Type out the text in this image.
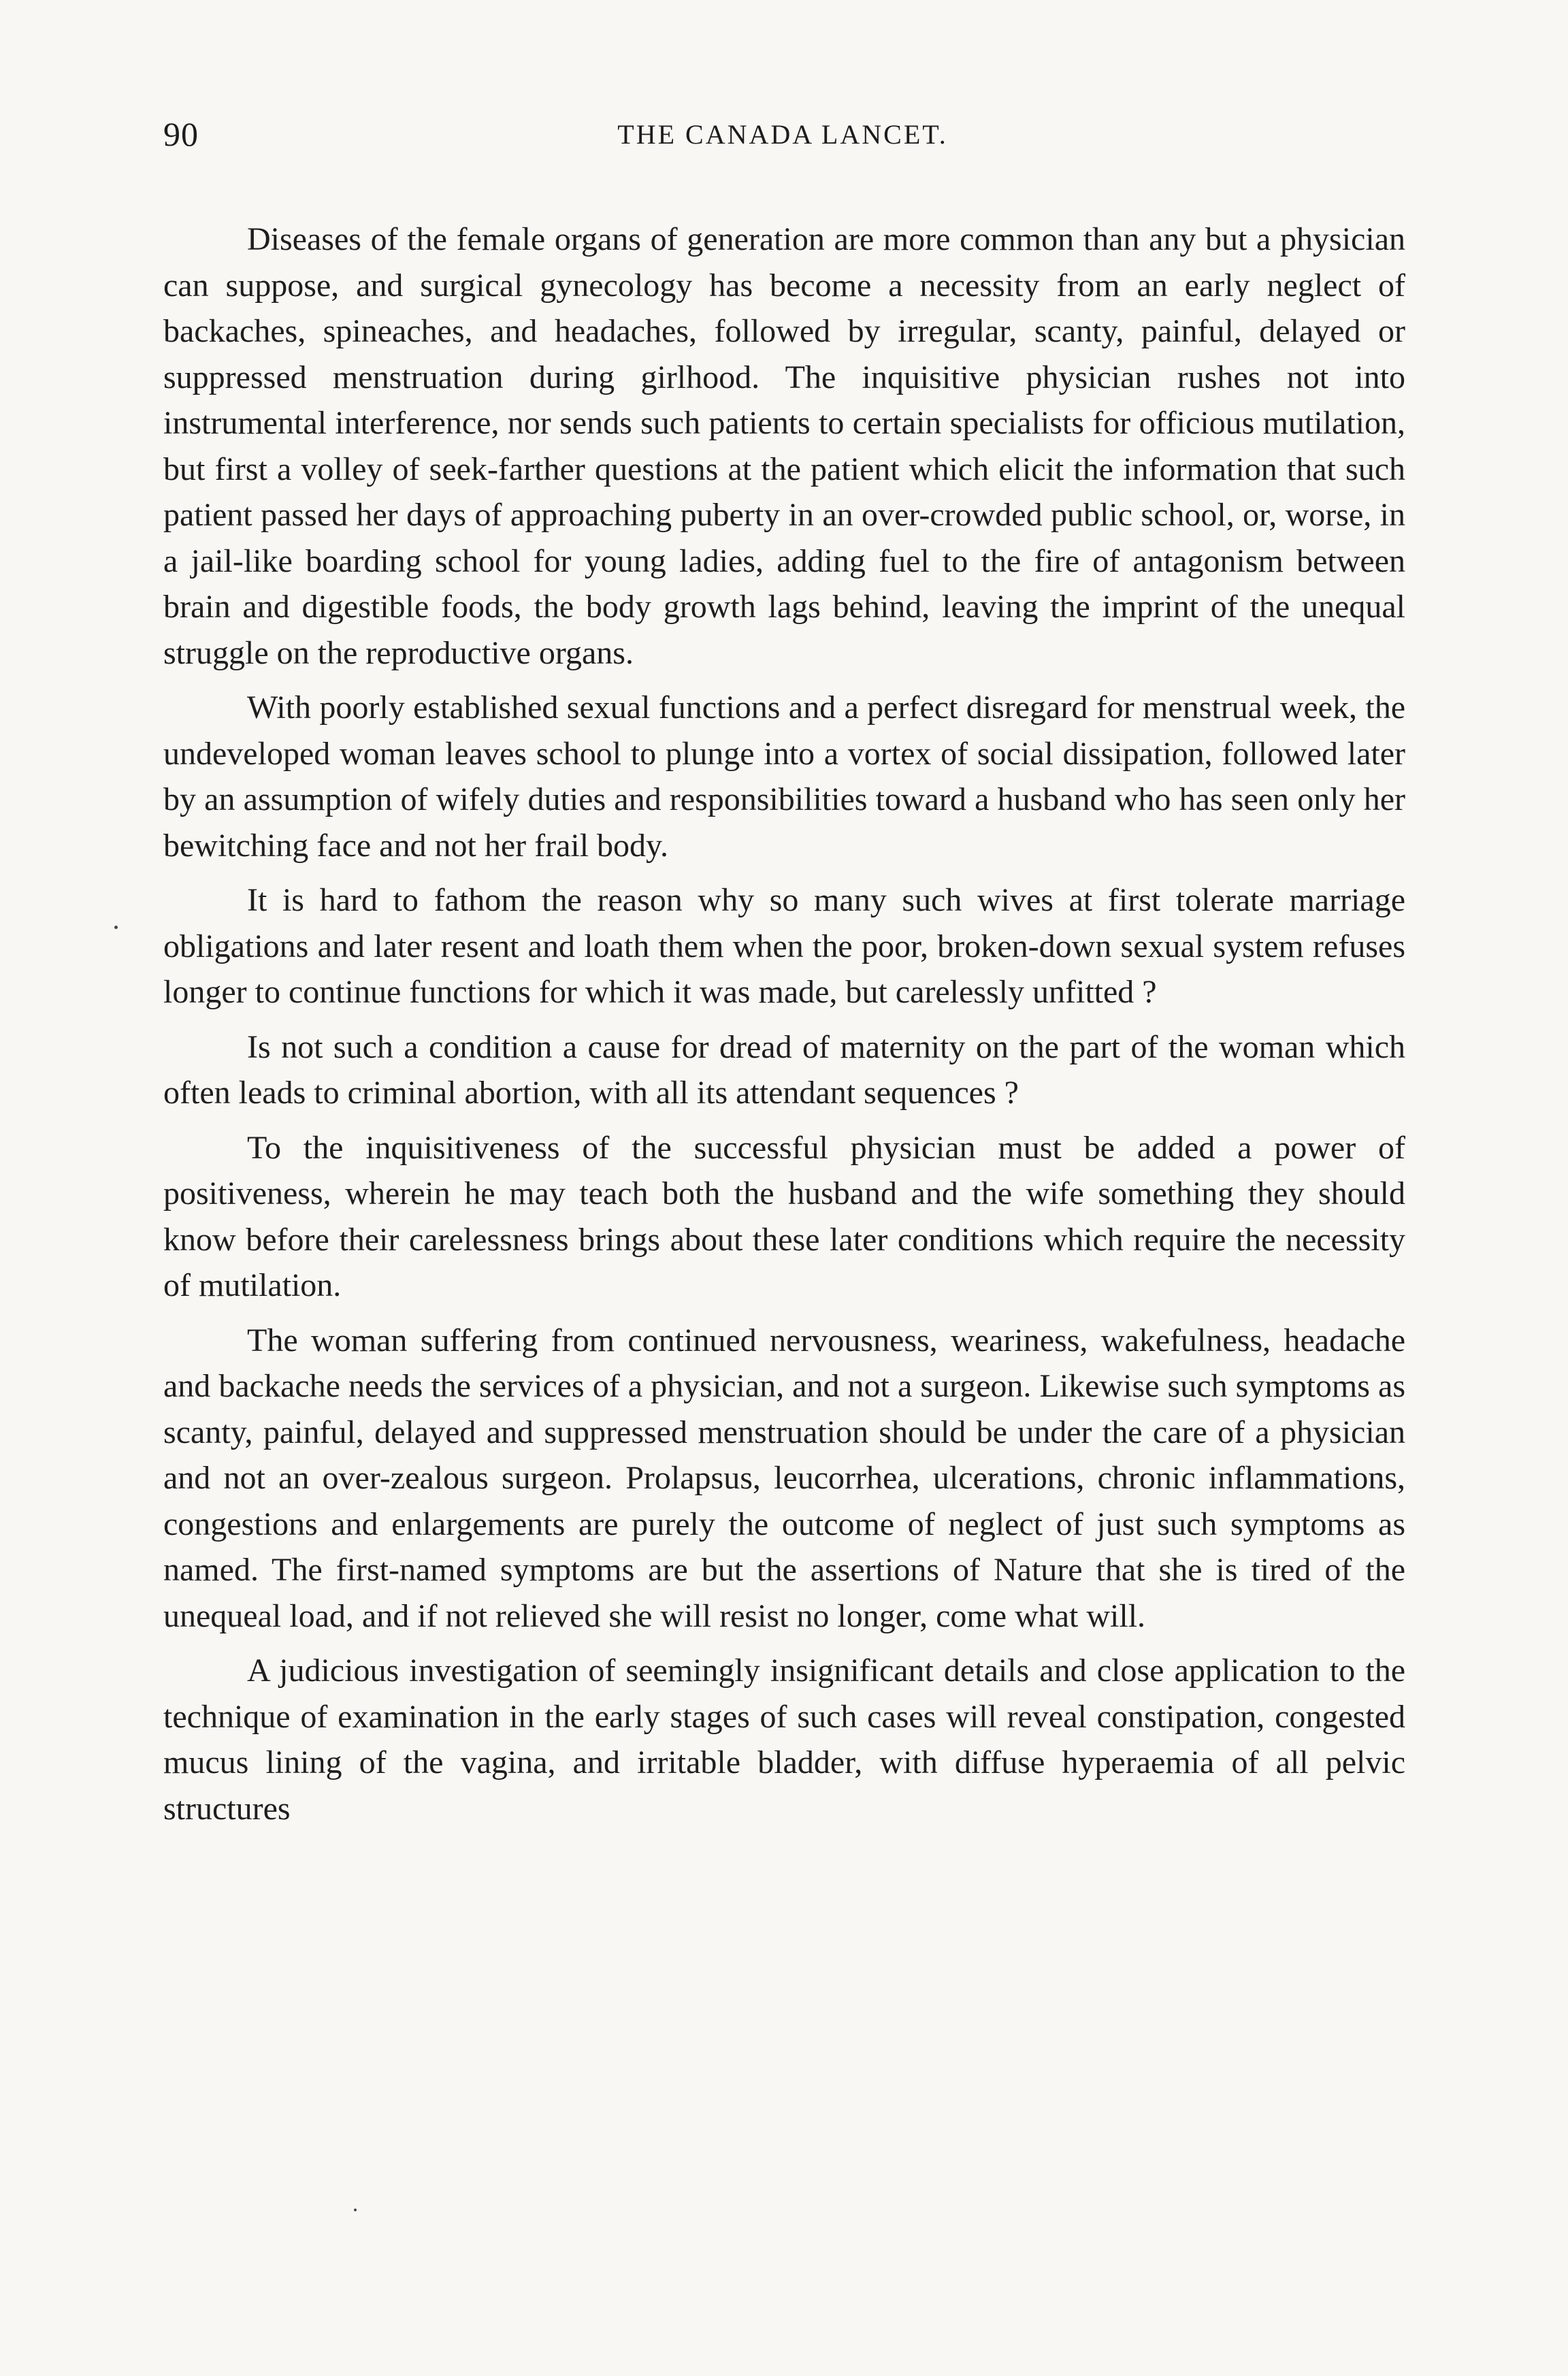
90	THE CANADA LANCET.

Diseases of the female organs of generation are more common than any but a physician can suppose, and surgical gynecology has become a necessity from an early neglect of backaches, spineaches, and headaches, followed by irregular, scanty, painful, delayed or suppressed menstruation during girlhood. The inquisitive physician rushes not into instrumental interference, nor sends such patients to certain specialists for officious mutilation, but first a volley of seek-farther questions at the patient which elicit the information that such patient passed her days of approaching puberty in an over-crowded public school, or, worse, in a jail-like boarding school for young ladies, adding fuel to the fire of antagonism between brain and digestible foods, the body growth lags behind, leaving the imprint of the unequal struggle on the reproductive organs.

With poorly established sexual functions and a perfect disregard for menstrual week, the undeveloped woman leaves school to plunge into a vortex of social dissipation, followed later by an assumption of wifely duties and responsibilities toward a husband who has seen only her bewitching face and not her frail body.

It is hard to fathom the reason why so many such wives at first tolerate marriage obligations and later resent and loath them when the poor, broken-down sexual system refuses longer to continue functions for which it was made, but carelessly unfitted ?

Is not such a condition a cause for dread of maternity on the part of the woman which often leads to criminal abortion, with all its attendant sequences ?

To the inquisitiveness of the successful physician must be added a power of positiveness, wherein he may teach both the husband and the wife something they should know before their carelessness brings about these later conditions which require the necessity of mutilation.

The woman suffering from continued nervousness, weariness, wakefulness, headache and backache needs the services of a physician, and not a surgeon. Likewise such symptoms as scanty, painful, delayed and suppressed menstruation should be under the care of a physician and not an over-zealous surgeon. Prolapsus, leucorrhea, ulcerations, chronic inflammations, congestions and enlargements are purely the outcome of neglect of just such symptoms as named. The first-named symptoms are but the assertions of Nature that she is tired of the unequeal load, and if not relieved she will resist no longer, come what will.

A judicious investigation of seemingly insignificant details and close application to the technique of examination in the early stages of such cases will reveal constipation, congested mucus lining of the vagina, and irritable bladder, with diffuse hyperaemia of all pelvic structures
